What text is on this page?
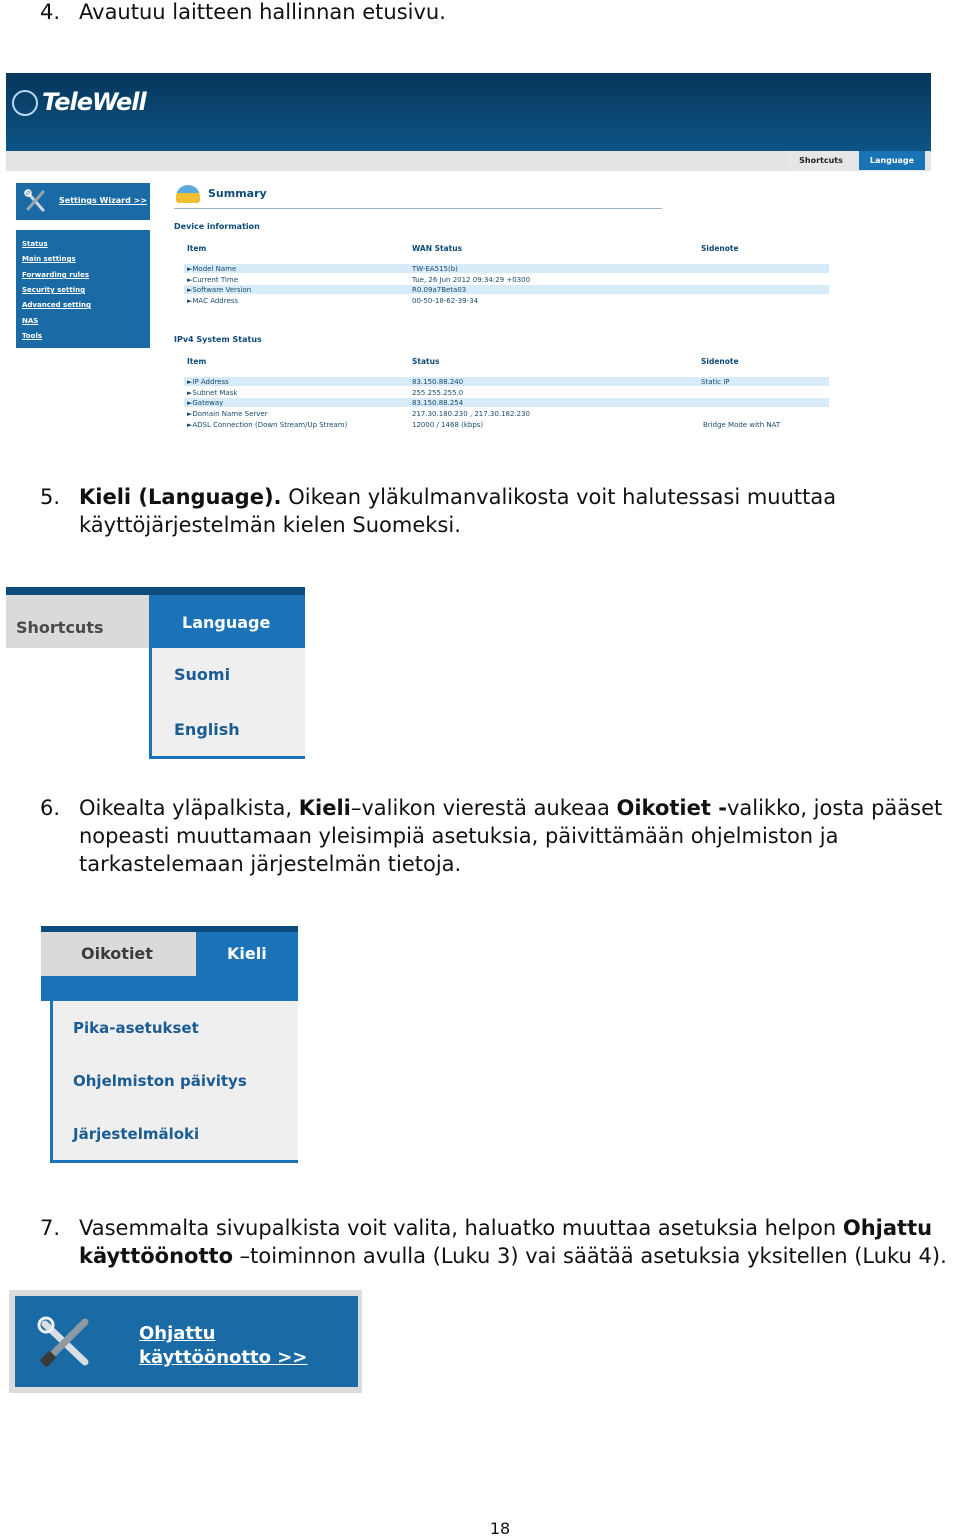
4. Avautuu laitteen hallinnan etusivu.
TeleWell
Shortcuts	Language
Settings Wizard >>
Status
Main settings
Forwarding rules
Security setting
Advanced setting
NAS
Tools
Summary
Device information
Item	WAN Status	Sidenote
►Model Name	TW-EA515(b)
►Current Time	Tue, 26 Jun 2012 09:34:29 +0300
►Software Version	R0.09a7Beta03
►MAC Address	00-50-18-62-39-34
IPv4 System Status
Item	Status	Sidenote
►IP Address	83.150.88.240	Static IP
►Subnet Mask	255.255.255.0
►Gateway	83.150.88.254
►Domain Name Server	217.30.180.230 , 217.30.182.230
►ADSL Connection (Down Stream/Up Stream)	12000 / 1468 (kbps)	Bridge Mode with NAT
5. Kieli (Language). Oikean yläkulmanvalikosta voit halutessasi muuttaa käyttöjärjestelmän kielen Suomeksi.
Shortcuts	Language
Suomi
English
6. Oikealta yläpalkista, Kieli–valikon vierestä aukeaa Oikotiet -valikko, josta pääset nopeasti muuttamaan yleisimpiä asetuksia, päivittämään ohjelmiston ja tarkastelemaan järjestelmän tietoja.
Oikotiet	Kieli
Pika-asetukset
Ohjelmiston päivitys
Järjestelmäloki
7. Vasemmalta sivupalkista voit valita, haluatko muuttaa asetuksia helpon Ohjattu käyttöönotto –toiminnon avulla (Luku 3) vai säätää asetuksia yksitellen (Luku 4).
Ohjattu
käyttöönotto >>
18
